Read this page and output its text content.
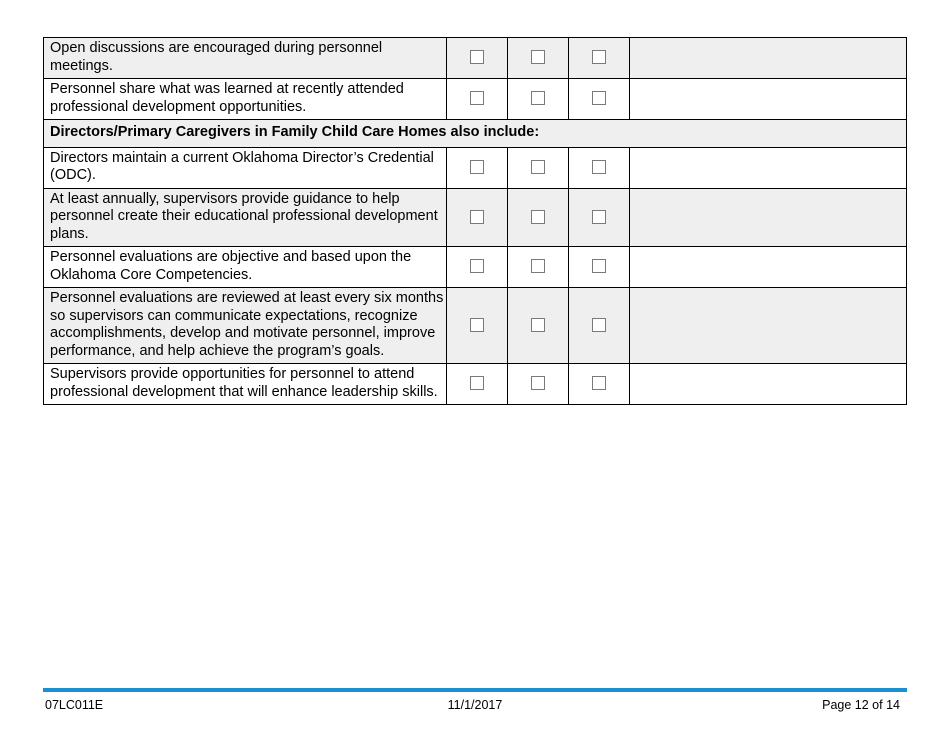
Open discussions are encouraged during personnel meetings.				
Personnel share what was learned at recently attended professional development opportunities.				
Directors/Primary Caregivers in Family Child Care Homes also include:				
Directors maintain a current Oklahoma Director’s Credential (ODC).				
At least annually, supervisors provide guidance to help personnel create their educational professional development plans.				
Personnel evaluations are objective and based upon the Oklahoma Core Competencies.				
Personnel evaluations are reviewed at least every six months so supervisors can communicate expectations, recognize accomplishments, develop and motivate personnel, improve performance, and help achieve the program’s goals.				
Supervisors provide opportunities for personnel to attend professional development that will enhance leadership skills.				
07LC011E	11/1/2017	Page 12 of 14
